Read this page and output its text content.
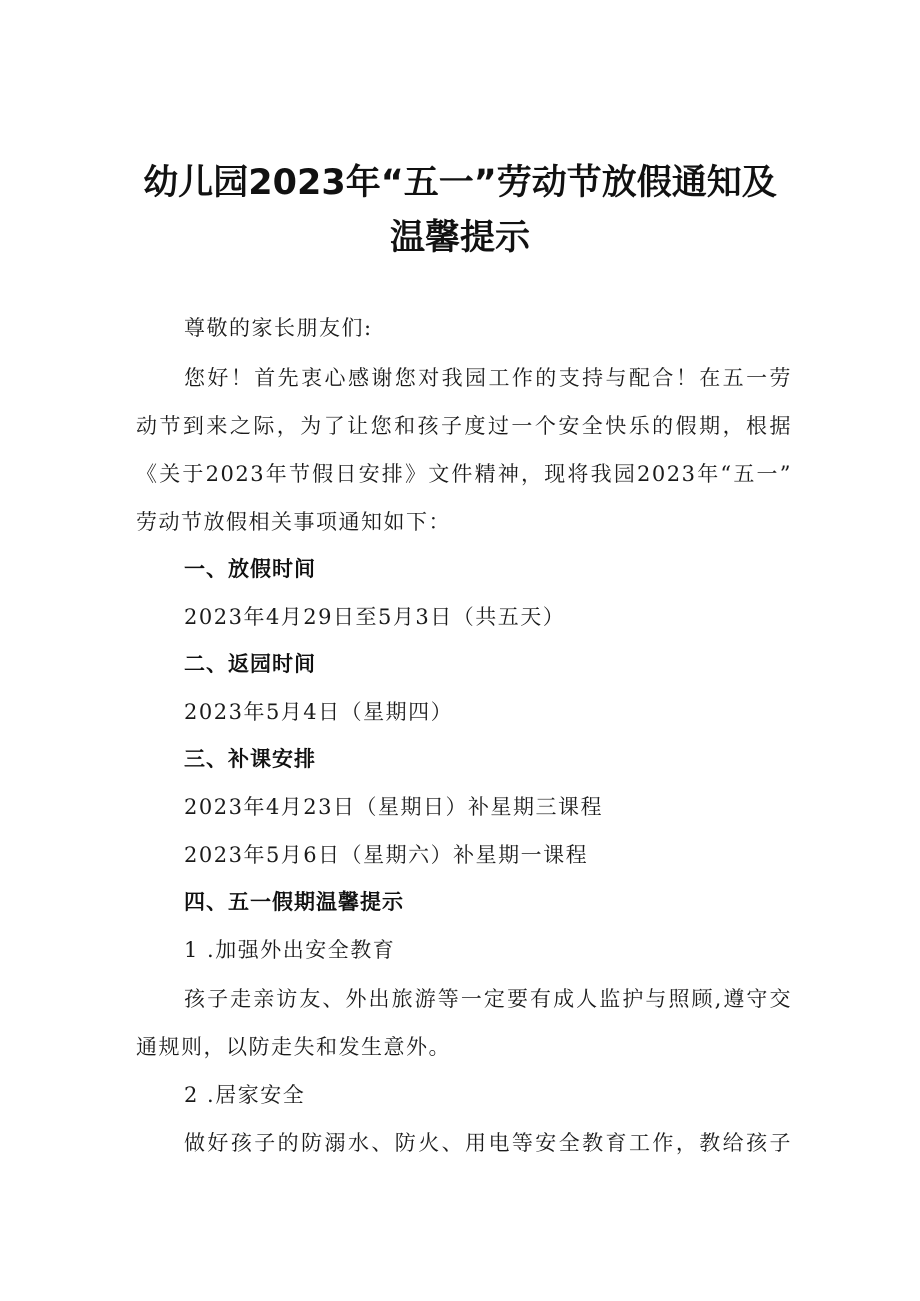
幼儿园2023年“五一”劳动节放假通知及
温馨提示
尊敬的家长朋友们:
您好！首先衷心感谢您对我园工作的支持与配合！在五一劳
动节到来之际，为了让您和孩子度过一个安全快乐的假期，根据
《关于2023年节假日安排》文件精神，现将我园2023年“五一”
劳动节放假相关事项通知如下：
一、放假时间
2023年4月29日至5月3日（共五天）
二、返园时间
2023年5月4日（星期四）
三、补课安排
2023年4月23日（星期日）补星期三课程
2023年5月6日（星期六）补星期一课程
四、五一假期温馨提示
1 .加强外出安全教育
孩子走亲访友、外出旅游等一定要有成人监护与照顾,遵守交
通规则，以防走失和发生意外。
2 .居家安全
做好孩子的防溺水、防火、用电等安全教育工作，教给孩子
